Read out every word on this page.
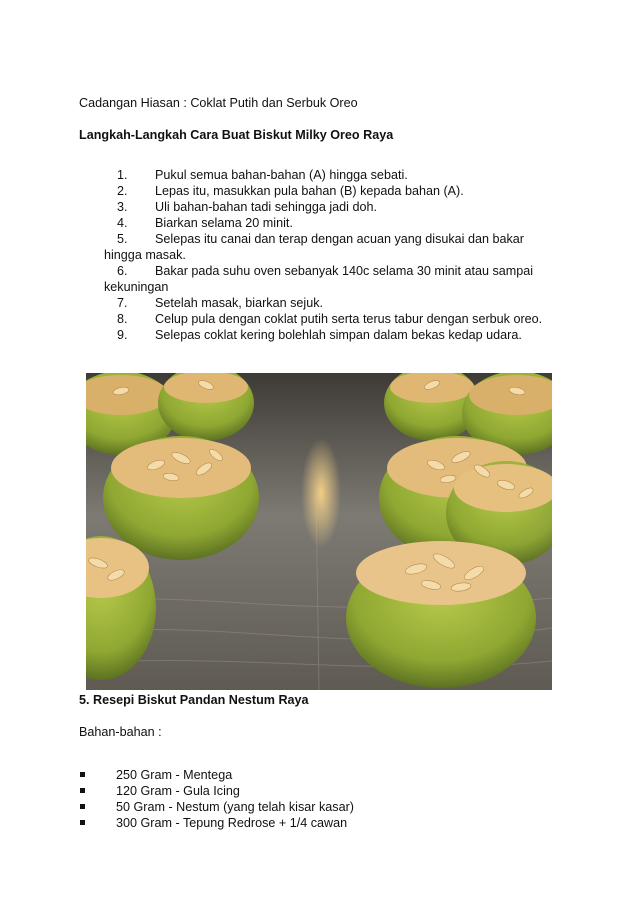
Cadangan Hiasan : Coklat Putih dan Serbuk Oreo

Langkah-Langkah Cara Buat Biskut Milky Oreo Raya

1. Pukul semua bahan-bahan (A) hingga sebati.
2. Lepas itu, masukkan pula bahan (B) kepada bahan (A).
3. Uli bahan-bahan tadi sehingga jadi doh.
4. Biarkan selama 20 minit.
5. Selepas itu canai dan terap dengan acuan yang disukai dan bakar
hingga masak.
6. Bakar pada suhu oven sebanyak 140c selama 30 minit atau sampai
kekuningan
7. Setelah masak, biarkan sejuk.
8. Celup pula dengan coklat putih serta terus tabur dengan serbuk oreo.
9. Selepas coklat kering bolehlah simpan dalam bekas kedap udara.

5. Resepi Biskut Pandan Nestum Raya

Bahan-bahan :

250 Gram - Mentega
120 Gram - Gula Icing
50 Gram - Nestum (yang telah kisar kasar)
300 Gram - Tepung Redrose + 1/4 cawan
